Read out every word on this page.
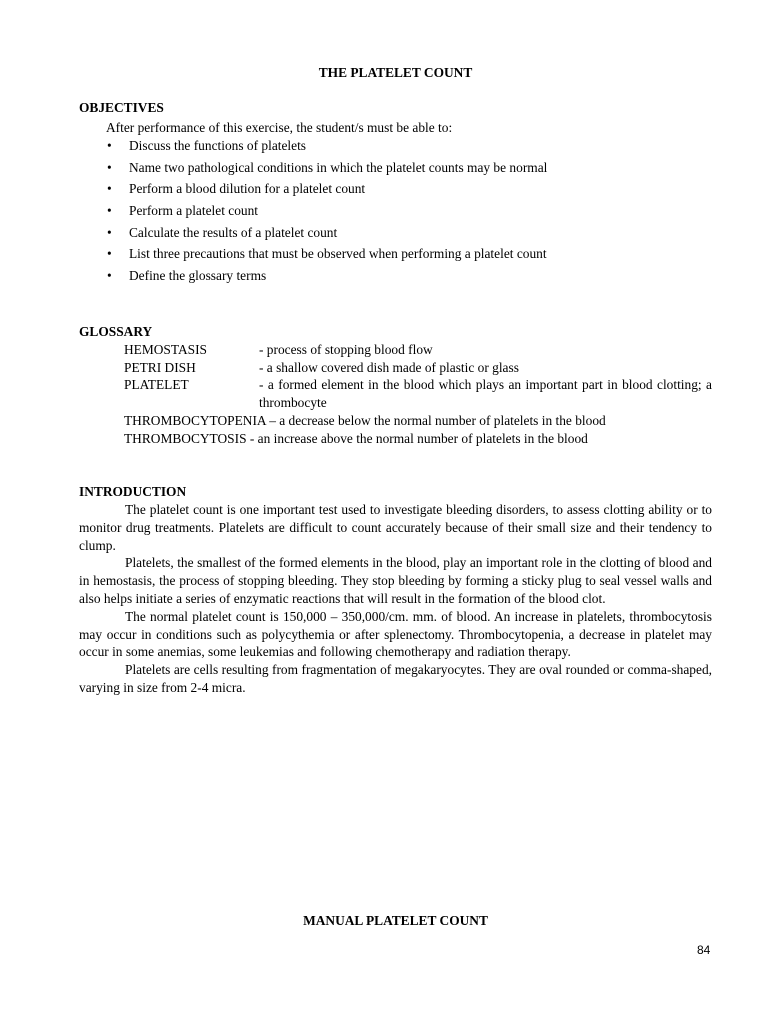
THE PLATELET COUNT
OBJECTIVES
After performance of this exercise, the student/s must be able to:
• Discuss the functions of platelets
• Name two pathological conditions in which the platelet counts may be normal
• Perform a blood dilution for a platelet count
• Perform a platelet count
• Calculate the results of a platelet count
• List three precautions that must be observed when performing a platelet count
• Define the glossary terms
GLOSSARY
HEMOSTASIS	- process of stopping blood flow
PETRI DISH	- a shallow covered dish made of plastic or glass
PLATELET	- a formed element in the blood which plays an important part in blood clotting; a thrombocyte
THROMBOCYTOPENIA – a decrease below the normal number of platelets in the blood
THROMBOCYTOSIS - an increase above the normal number of platelets in the blood
INTRODUCTION

The platelet count is one important test used to investigate bleeding disorders, to assess clotting ability or to monitor drug treatments. Platelets are difficult to count accurately because of their small size and their tendency to clump.

Platelets, the smallest of the formed elements in the blood, play an important role in the clotting of blood and in hemostasis, the process of stopping bleeding. They stop bleeding by forming a sticky plug to seal vessel walls and also helps initiate a series of enzymatic reactions that will result in the formation of the blood clot.

The normal platelet count is 150,000 – 350,000/cm. mm. of blood. An increase in platelets, thrombocytosis may occur in conditions such as polycythemia or after splenectomy. Thrombocytopenia, a decrease in platelet may occur in some anemias, some leukemias and following chemotherapy and radiation therapy.

Platelets are cells resulting from fragmentation of megakaryocytes. They are oval rounded or comma-shaped, varying in size from 2-4 micra.

MANUAL PLATELET COUNT
84
